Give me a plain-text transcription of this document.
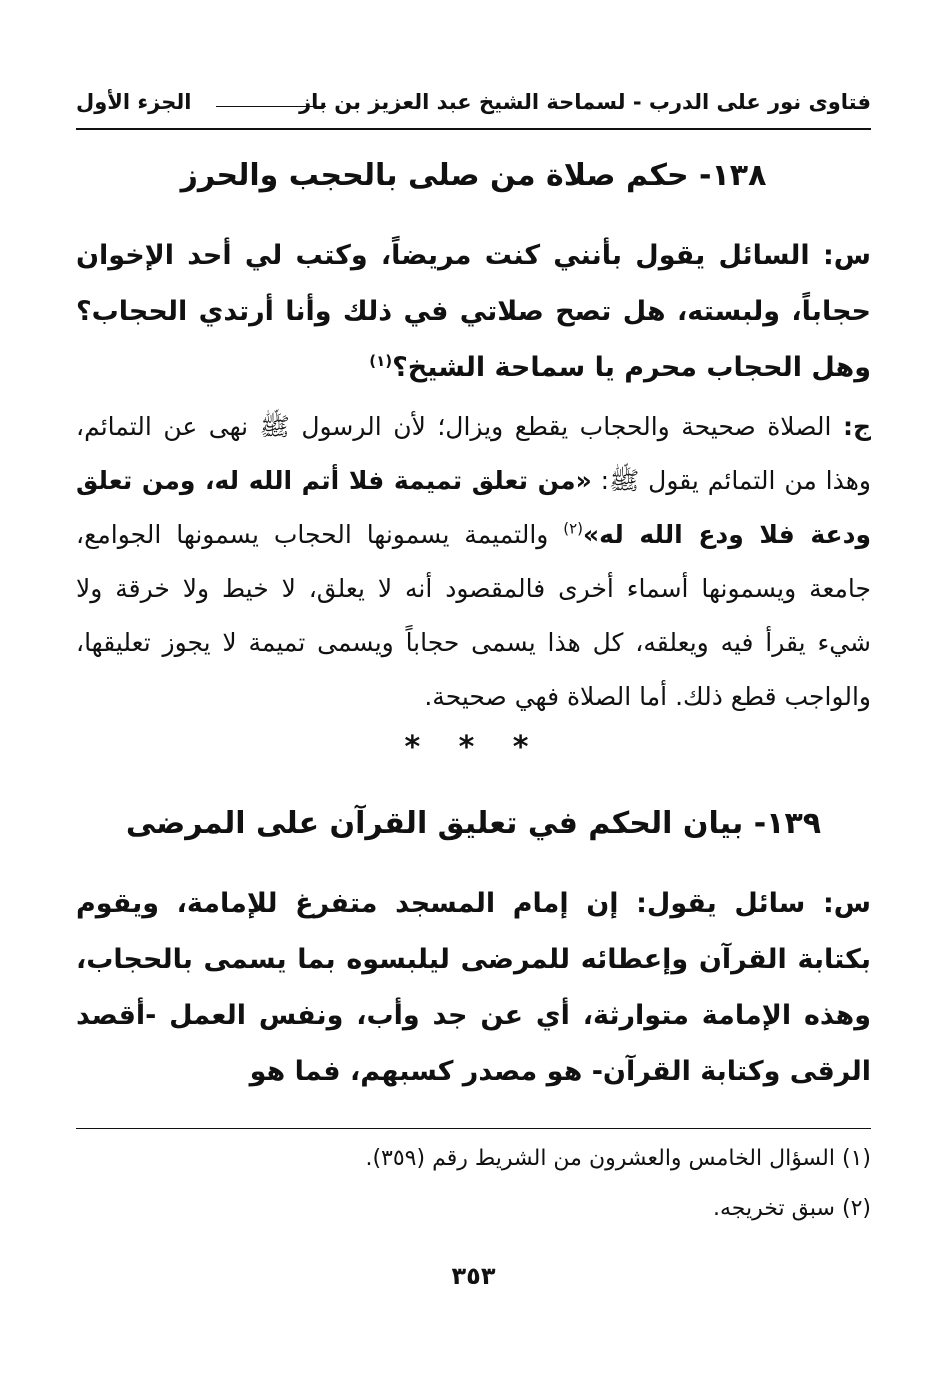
فتاوى نور على الدرب - لسماحة الشيخ عبد العزيز بن باز
الجزء الأول
١٣٨- حكم صلاة من صلى بالحجب والحرز
س: السائل يقول بأنني كنت مريضاً، وكتب لي أحد الإخوان حجاباً، ولبسته، هل تصح صلاتي في ذلك وأنا أرتدي الحجاب؟ وهل الحجاب محرم يا سماحة الشيخ؟$^{(١)}$
ج: الصلاة صحيحة والحجاب يقطع ويزال؛ لأن الرسول ﷺ نهى عن التمائم، وهذا من التمائم يقول ﷺ: «من تعلق تميمة فلا أتم الله له، ومن تعلق ودعة فلا ودع الله له»$^{(٢)}$ والتميمة يسمونها الحجاب يسمونها الجوامع، جامعة ويسمونها أسماء أخرى فالمقصود أنه لا يعلق، لا خيط ولا خرقة ولا شيء يقرأ فيه ويعلقه، كل هذا يسمى حجاباً ويسمى تميمة لا يجوز تعليقها، والواجب قطع ذلك. أما الصلاة فهي صحيحة.
* * *
١٣٩- بيان الحكم في تعليق القرآن على المرضى
س: سائل يقول: إن إمام المسجد متفرغ للإمامة، ويقوم بكتابة القرآن وإعطائه للمرضى ليلبسوه بما يسمى بالحجاب، وهذه الإمامة متوارثة، أي عن جد وأب، ونفس العمل -أقصد الرقى وكتابة القرآن- هو مصدر كسبهم، فما هو
(١) السؤال الخامس والعشرون من الشريط رقم (٣٥٩).
(٢) سبق تخريجه.
٣٥٣
